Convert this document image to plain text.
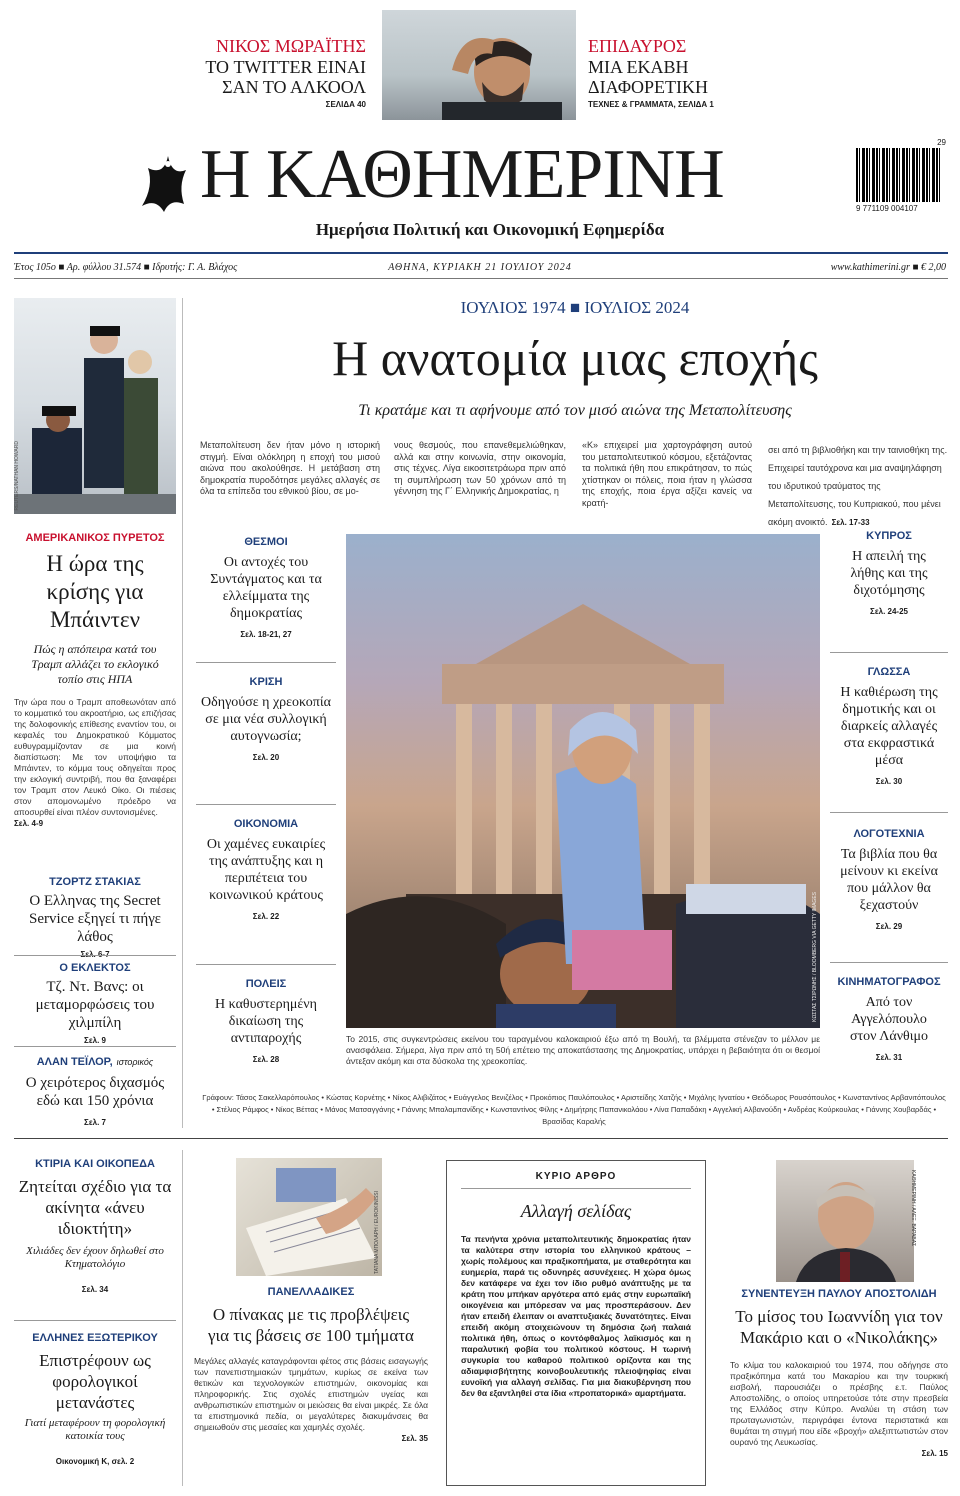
ΝΙΚΟΣ ΜΩΡΑΪΤΗΣ
ΤΟ TWITTER ΕΙΝΑΙ
ΣΑΝ ΤΟ ΑΛΚΟΟΛ
ΣΕΛΙΔΑ 40
ΕΠΙΔΑΥΡΟΣ
ΜΙΑ ΕΚΑΒΗ
ΔΙΑΦΟΡΕΤΙΚΗ
ΤΕΧΝΕΣ & ΓΡΑΜΜΑΤΑ, ΣΕΛΙΔΑ 1
Η ΚΑΘΗΜΕΡΙΝΗ
Ημερήσια Πολιτική και Οικονομική Εφημερίδα
9 771109 004107
29
Έτος 105ο ■ Αρ. φύλλου 31.574 ■ Ιδρυτής: Γ. Α. Βλάχος	ΑΘΗΝΑ, ΚΥΡΙΑΚΗ 21 ΙΟΥΛΙΟΥ 2024	www.kathimerini.gr ■ € 2,00
REUTERS/NATHAN HOWARD
ΑΜΕΡΙΚΑΝΙΚΟΣ ΠΥΡΕΤΟΣ
Η ώρα της κρίσης για Μπάιντεν
Πώς η απόπειρα κατά του Τραμπ αλλάζει το εκλογικό τοπίο στις ΗΠΑ
Την ώρα που ο Τραμπ αποθεωνόταν από το κομματικό του ακροατήριο, ως επιζήσας της δολοφονικής επίθεσης εναντίον του, οι κεφαλές του Δημοκρατικού Κόμματος ευθυγραμμίζονταν σε μια κοινή διαπίστωση: Με τον υποψήφιο τα Μπάιντεν, το κόμμα τους οδηγείται προς την εκλογική συντριβή, που θα ξαναφέρει τον Τραμπ στον Λευκό Οίκο. Οι πιέσεις στον απομονωμένο πρόεδρο να αποσυρθεί είναι πλέον συντονισμένες.
Σελ. 4-9
ΤΖΟΡΤΖ ΣΤΑΚΙΑΣ
Ο Ελληνας της Secret Service εξηγεί τι πήγε λάθος
Ο ΕΚΛΕΚΤΟΣ
Τζ. Ντ. Βανς: οι μεταμορφώσεις του χιλμπίλη
Σελ. 9
ΑΛΑΝ ΤΕΪΛΟΡ, ιστορικός
Ο χειρότερος διχασμός εδώ και 150 χρόνια
Σελ. 7
ΙΟΥΛΙΟΣ 1974 ■ ΙΟΥΛΙΟΣ 2024
Η ανατομία μιας εποχής
Τι κρατάμε και τι αφήνουμε από τον μισό αιώνα της Μεταπολίτευσης
Μεταπολίτευση δεν ήταν μόνο η ιστορική στιγμή. Είναι ολόκληρη η εποχή του μισού αιώνα που ακολούθησε. Η μετάβαση στη δημοκρατία πυροδότησε μεγάλες αλλαγές σε όλα τα επίπεδα του εθνικού βίου, σε μο-
νους θεσμούς, που επανεθεμελιώθηκαν, αλλά και στην κοινωνία, στην οικονομία, στις τέχνες. Λίγα εικοσιτετράωρα πριν από τη συμπλήρωση των 50 χρόνων από τη γέννηση της Γ΄ Ελληνικής Δημοκρατίας, η
«Κ» επιχειρεί μια χαρτογράφηση αυτού του μεταπολιτευτικού κόσμου, εξετάζοντας τα πολιτικά ήθη που επικράτησαν, το πώς χτίστηκαν οι πόλεις, ποια ήταν η γλώσσα της εποχής, ποια έργα αξίζει κανείς να κρατή-
σει από τη βιβλιοθήκη και την ταινιοθήκη της. Επιχειρεί ταυτόχρονα και μια αναψηλάφηση του ιδρυτικού τραύματος της Μεταπολίτευσης, του Κυπριακού, που μένει ακόμη ανοικτό. Σελ. 17-33
ΘΕΣΜΟΙ
Οι αντοχές του Συντάγματος και τα ελλείμματα της δημοκρατίας
Σελ. 18-21, 27
ΚΡΙΣΗ
Οδηγούσε η χρεοκοπία σε μια νέα συλλογική αυτογνωσία;
Σελ. 20
ΟΙΚΟΝΟΜΙΑ
Οι χαμένες ευκαιρίες της ανάπτυξης και η περιπέτεια του κοινωνικού κράτους
Σελ. 22
ΠΟΛΕΙΣ
Η καθυστερημένη δικαίωση της αντιπαροχής
Σελ. 28
ΚΩΣΤΑΣ ΤΣΙΡΩΝΗΣ / BLOOMBERG VIA GETTY IMAGES
Το 2015, στις συγκεντρώσεις εκείνου του ταραγμένου καλοκαιριού έξω από τη Βουλή, τα βλέμματα στένεζαν το μέλλον με ανασφάλεια. Σήμερα, λίγα πριν από τη 50ή επέτειο της αποκατάστασης της Δημοκρατίας, υπάρχει η βεβαιότητα ότι οι θεσμοί άντεξαν ακόμη και στα δύσκολα της χρεοκοπίας.
ΚΥΠΡΟΣ
Η απειλή της λήθης και της διχοτόμησης
Σελ. 24-25
ΓΛΩΣΣΑ
Η καθιέρωση της δημοτικής και οι διαρκείς αλλαγές στα εκφραστικά μέσα
Σελ. 30
ΛΟΓΟΤΕΧΝΙΑ
Τα βιβλία που θα μείνουν κι εκείνα που μάλλον θα ξεχαστούν
Σελ. 29
ΚΙΝΗΜΑΤΟΓΡΑΦΟΣ
Από τον Αγγελόπουλο στον Λάνθιμο
Σελ. 31
Γράφουν: Τάσος Σακελλαρόπουλος • Κώστας Κορνέτης • Νίκος Αλιβιζάτος • Ευάγγελος Βενιζέλος • Προκόπιος Παυλόπουλος • Αριστείδης Χατζής • Μιχάλης Ιγνατίου • Θεόδωρος Ρουσόπουλος • Κωνσταντίνος Αρβανιτόπουλος • Στέλιος Ράμφος • Νίκος Βέττας • Μάνος Ματσαγγάνης • Γιάννης Μπαλαμπανίδης • Κωνσταντίνος Φίλης • Δημήτρης Παπανικολάου • Λίνα Παπαδάκη • Αγγελική Αλβανούδη • Ανδρέας Κούρκουλας • Γιάννης Χουβαρδάς • Βρασίδας Καραλής
ΚΤΙΡΙΑ ΚΑΙ ΟΙΚΟΠΕΔΑ
Ζητείται σχέδιο για τα ακίνητα «άνευ ιδιοκτήτη»
Χιλιάδες δεν έχουν δηλωθεί στο Κτηματολόγιο
Σελ. 34
ΕΛΛΗΝΕΣ ΕΞΩΤΕΡΙΚΟΥ
Επιστρέφουν ως φορολογικοί μετανάστες
Γιατί μεταφέρουν τη φορολογική κατοικία τους
Οικονομική Κ, σελ. 2
ΤΑΤΙΑΝΑ ΜΠΟΛΑΡΗ / EUROKINISSI
ΠΑΝΕΛΛΑΔΙΚΕΣ
Ο πίνακας με τις προβλέψεις για τις βάσεις σε 100 τμήματα
Μεγάλες αλλαγές καταγράφονται φέτος στις βάσεις εισαγωγής των πανεπιστημιακών τμημάτων, κυρίως σε εκείνα των θετικών και τεχνολογικών επιστημών, οικονομίας και πληροφορικής. Στις σχολές επιστημών υγείας και ανθρωπιστικών επιστημών οι μειώσεις θα είναι μικρές. Σε όλα τα επιστημονικά πεδία, οι μεγαλύτερες διακυμάνσεις θα σημειωθούν στις μεσαίες και χαμηλές σχολές.
Σελ. 35
ΚΥΡΙΟ ΑΡΘΡΟ
Αλλαγή σελίδας
Τα πενήντα χρόνια μεταπολιτευτικής δημοκρατίας ήταν τα καλύτερα στην ιστορία του ελληνικού κράτους – χωρίς πολέμους και πραξικοπήματα, με σταθερότητα και ευημερία, παρά τις οδυνηρές ασυνέχειες. Η χώρα όμως δεν κατάφερε να έχει τον ίδιο ρυθμό ανάπτυξης με τα κράτη που μπήκαν αργότερα από εμάς στην ευρωπαϊκή οικογένεια και μπόρεσαν να μας προσπεράσουν. Δεν ήταν επειδή έλειπαν οι αναπτυξιακές δυνατότητες. Είναι επειδή ακόμη στοιχειώνουν τη δημόσια ζωή παλαιά πολιτικά ήθη, όπως ο κοντόφθαλμος λαϊκισμός και η παραλυτική φοβία του πολιτικού κόστους. Η τωρινή συγκυρία του καθαρού πολιτικού ορίζοντα και της αδιαμφισβήτητης κοινοβουλευτικής πλειοψηφίας είναι ευνοϊκή για αλλαγή σελίδας. Για μια διακυβέρνηση που δεν θα εξαντληθεί στα ίδια «προπατορικά» αμαρτήματα.
ΚΑΘΗΜΕΡΙΝΗ / ΑΛΕΞ. ΒΑΡΑΒΑΣ
ΣΥΝΕΝΤΕΥΞΗ ΠΑΥΛΟΥ ΑΠΟΣΤΟΛΙΔΗ
Το μίσος του Ιωαννίδη για τον Μακάριο και ο «Νικολάκης»
Το κλίμα του καλοκαιριού του 1974, που οδήγησε στο πραξικόπημα κατά του Μακαρίου και την τουρκική εισβολή, παρουσιάζει ο πρέσβης ε.τ. Παύλος Αποστολίδης, ο οποίος υπηρετούσε τότε στην πρεσβεία της Ελλάδος στην Κύπρο. Αναλύει τη στάση των πρωταγωνιστών, περιγράφει έντονα περιστατικά και θυμάται τη στιγμή που είδε «βροχή» αλεξιπτωτιστών στον ουρανό της Λευκωσίας.
Σελ. 15
